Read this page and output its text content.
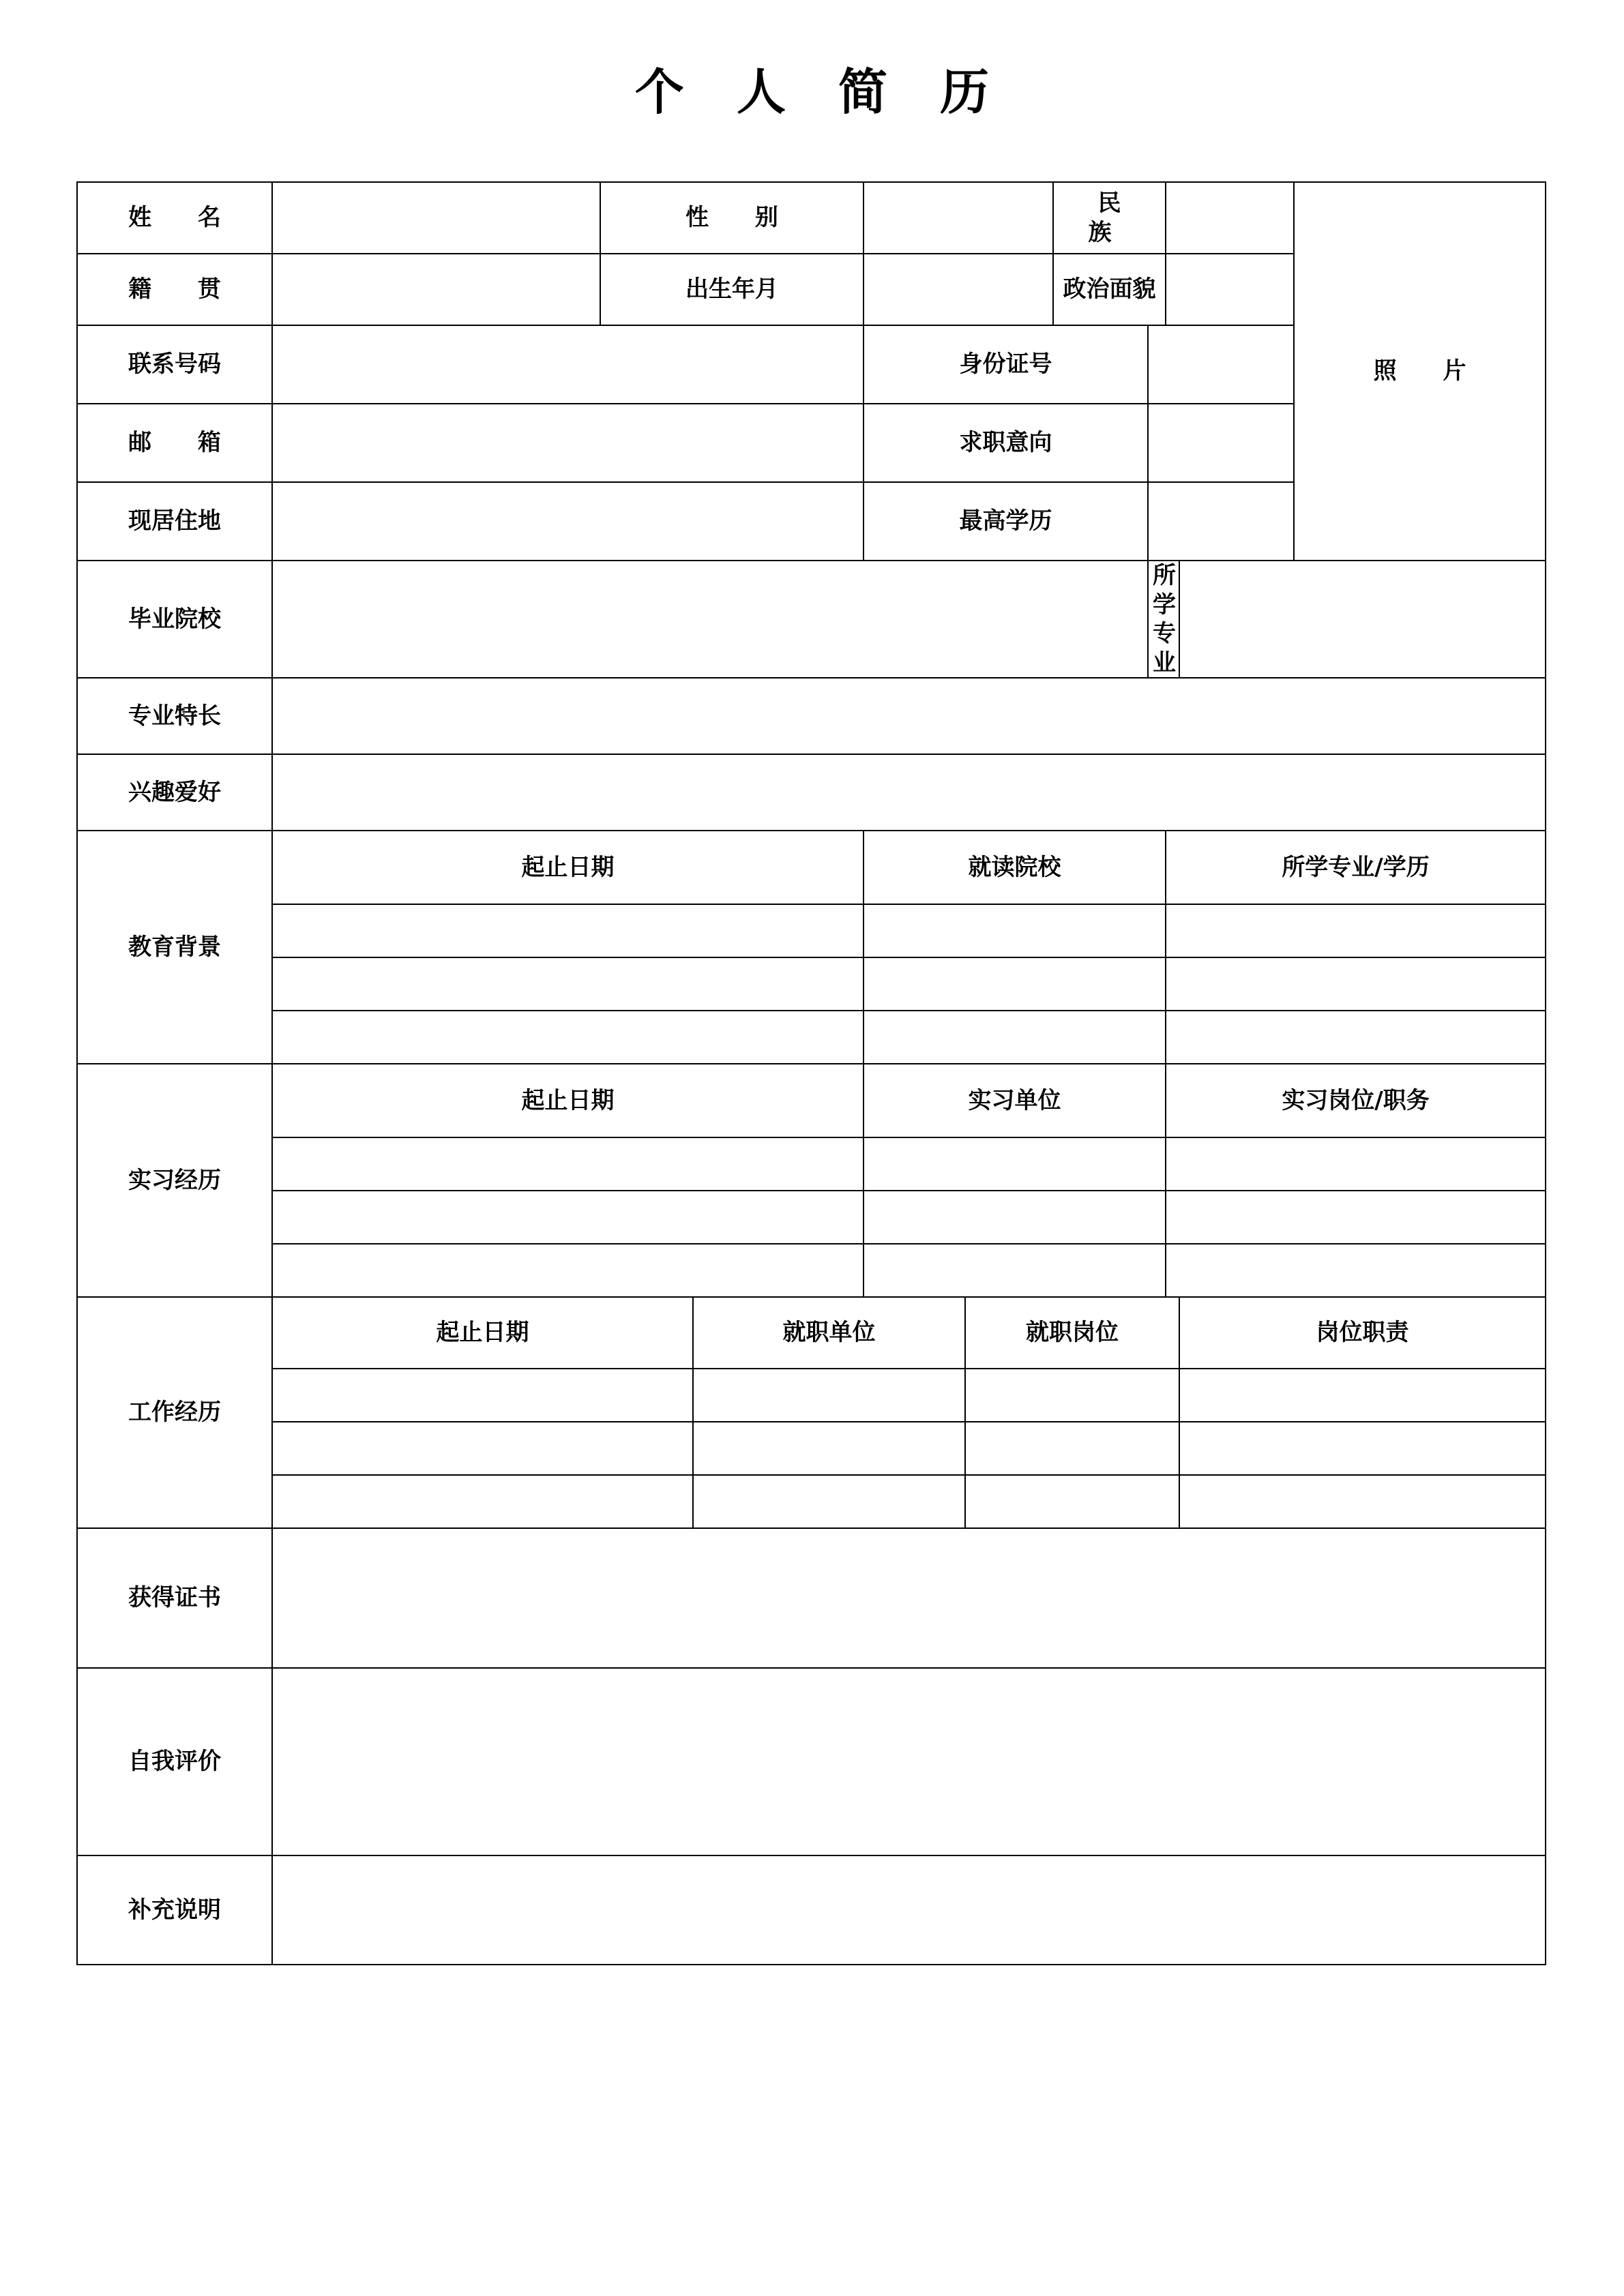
个 人 简 历
姓 名		性 别				民 族				照 片
籍 贯		出生年月				政治面貌				
联系号码				身份证号						
邮 箱				求职意向						
现居住地				最高学历						
毕业院校							所学专业			
专业特长										
兴趣爱好										
教育背景	起止日期			就读院校				所学专业/学历		

实习经历	起止日期			实习单位				实习岗位/职务		

工作经历	起止日期		就职单位		就职岗位				岗位职责	

获得证书										
自我评价										
补充说明										
